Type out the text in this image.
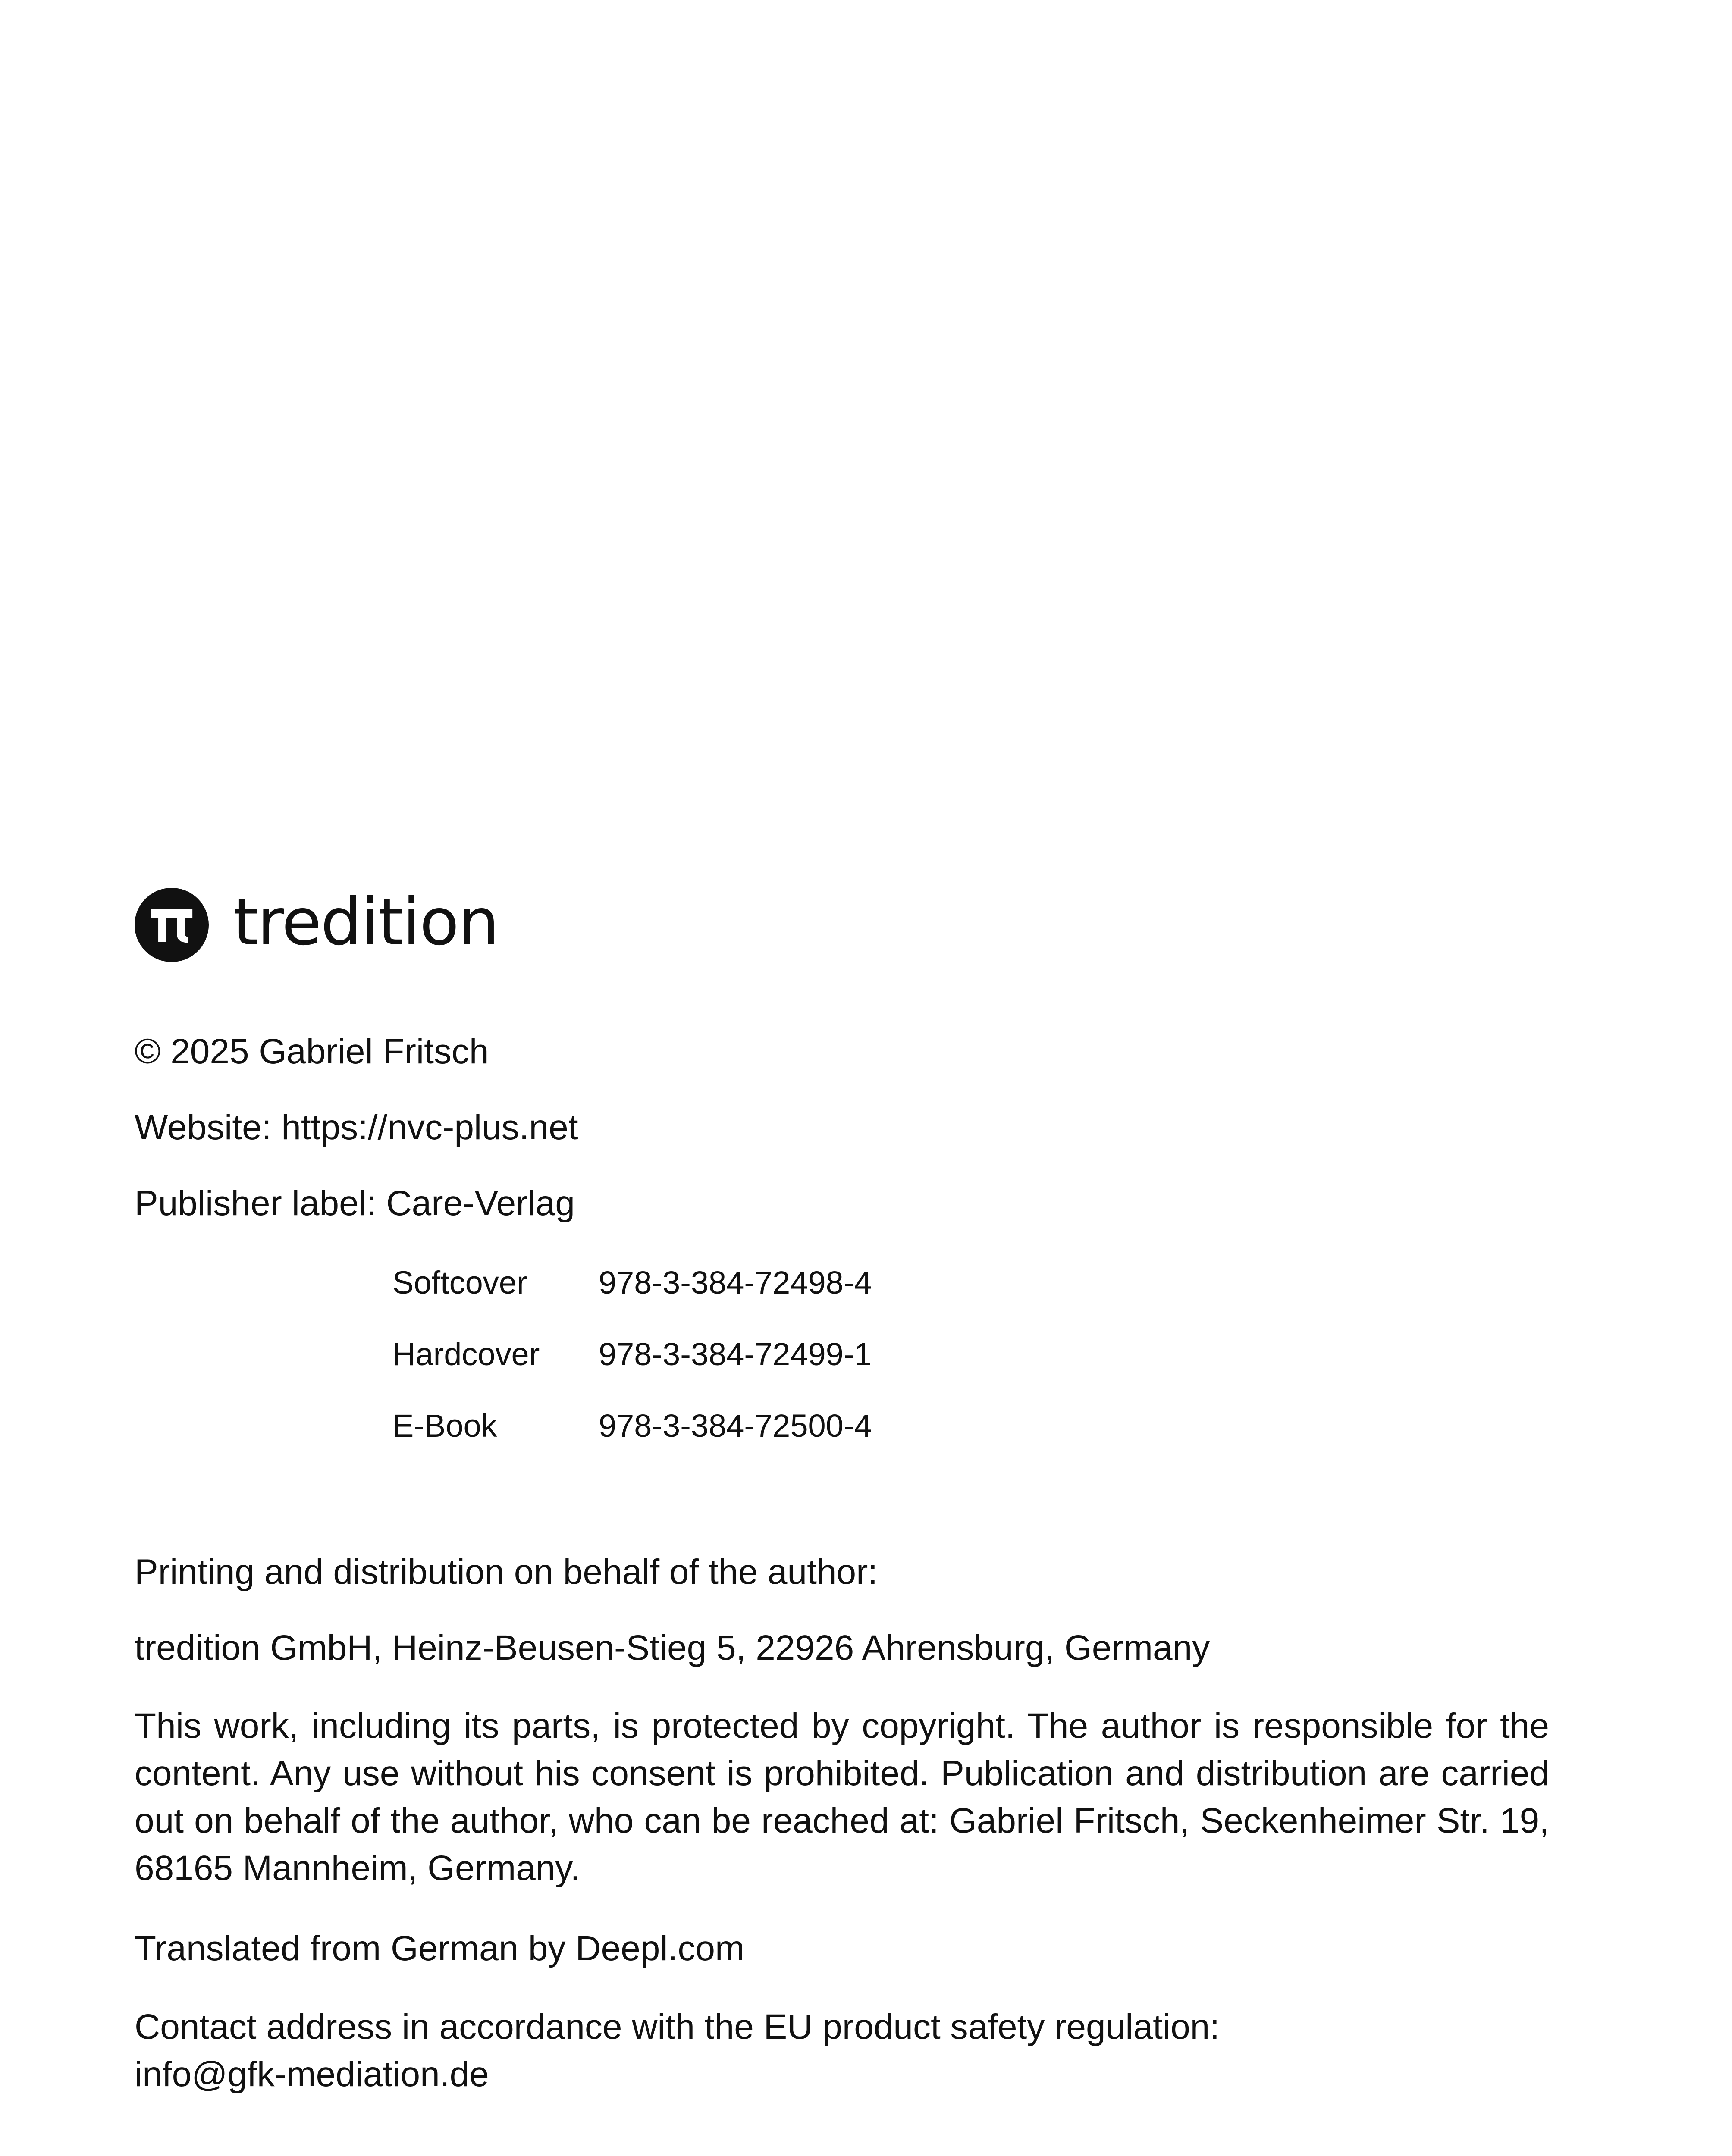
tredition
© 2025 Gabriel Fritsch
Website: https://nvc-plus.net
Publisher label: Care-Verlag
Softcover	978-3-384-72498-4
Hardcover	978-3-384-72499-1
E-Book	978-3-384-72500-4
Printing and distribution on behalf of the author:
tredition GmbH, Heinz-Beusen-Stieg 5, 22926 Ahrensburg, Germany
This work, including its parts, is protected by copyright. The author is responsible for the content. Any use without his consent is prohibited. Publication and distribution are carried out on behalf of the author, who can be reached at: Gabriel Fritsch, Seckenheimer Str. 19, 68165 Mannheim, Germany.
Translated from German by Deepl.com
Contact address in accordance with the EU product safety regulation:
info@gfk-mediation.de
